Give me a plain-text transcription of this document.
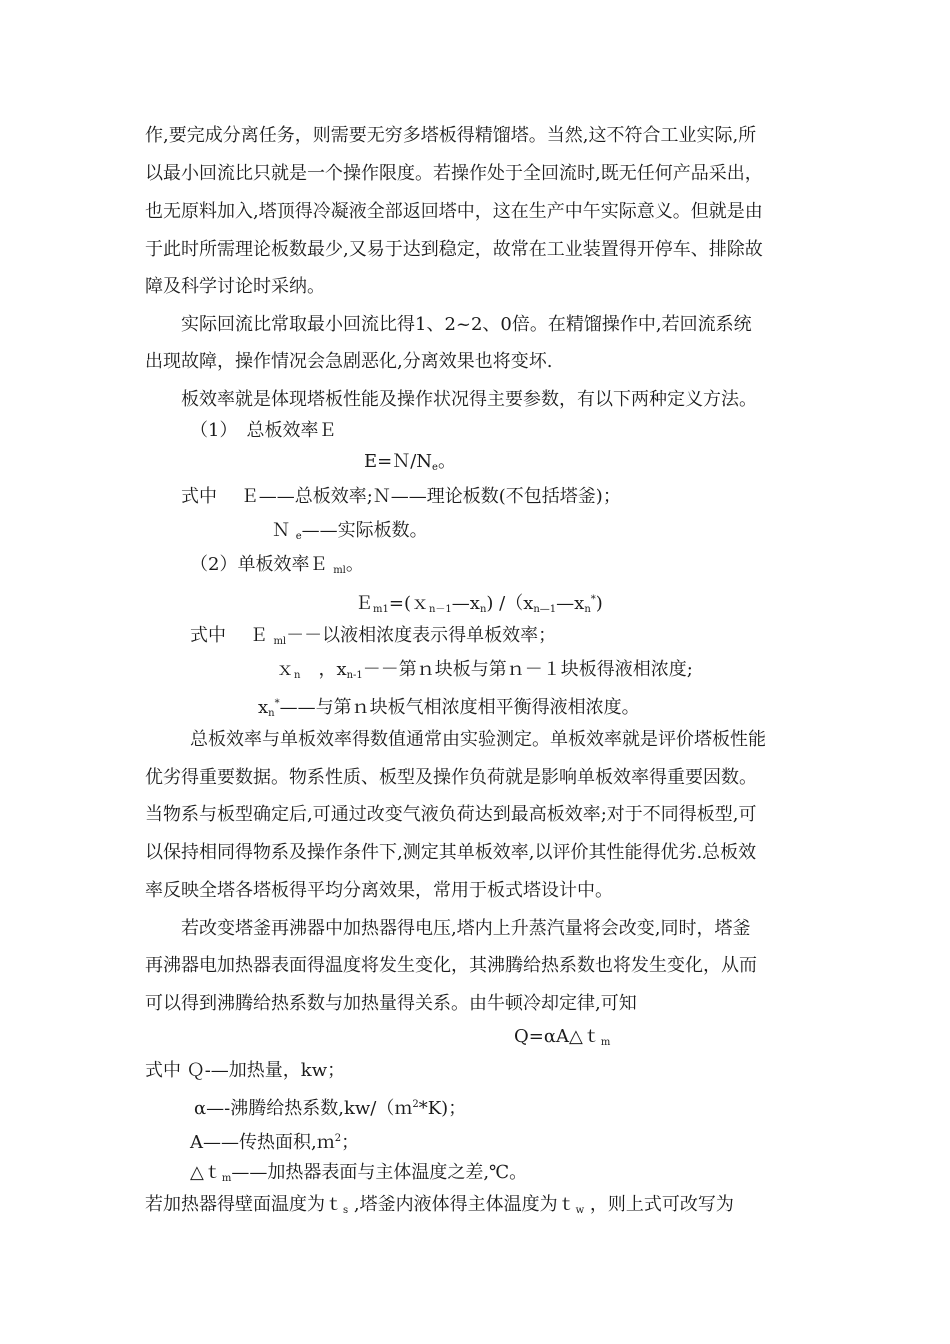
作,要完成分离任务，则需要无穷多塔板得精馏塔。当然,这不符合工业实际,所
以最小回流比只就是一个操作限度。若操作处于全回流时,既无任何产品采出，
也无原料加入,塔顶得冷凝液全部返回塔中，这在生产中午实际意义。但就是由
于此时所需理论板数最少,又易于达到稳定，故常在工业装置得开停车、排除故
障及科学讨论时采纳。
实际回流比常取最小回流比得1、2~2、0倍。在精馏操作中,若回流系统
出现故障，操作情况会急剧恶化,分离效果也将变坏.
板效率就是体现塔板性能及操作状况得主要参数，有以下两种定义方法。
（1）　总板效率Ｅ
$E=N/N_e$。
式中　 Ｅ——总板效率;Ｎ——理论板数(不包括塔釜)；
Ｎ $_e$——实际板数。
（2）单板效率Ｅ $_{ml}$。
$E_{m1}=(x_{n-1}—x_n)$ $/(x_{n—1}—x_n^*)$
式中　 Ｅ $_{ml}$－－以液相浓度表示得单板效率；
ｘ$_n$　，$x_{n-1}--$第ｎ块板与第ｎ－１块板得液相浓度;
$x_n^*——$与第ｎ块板气相浓度相平衡得液相浓度。
总板效率与单板效率得数值通常由实验测定。单板效率就是评价塔板性能
优劣得重要数据。物系性质、板型及操作负荷就是影响单板效率得重要因数。
当物系与板型确定后,可通过改变气液负荷达到最高板效率;对于不同得板型,可
以保持相同得物系及操作条件下,测定其单板效率,以评价其性能得优劣.总板效
率反映全塔各塔板得平均分离效果，常用于板式塔设计中。
若改变塔釜再沸器中加热器得电压,塔内上升蒸汽量将会改变,同时，塔釜
再沸器电加热器表面得温度将发生变化，其沸腾给热系数也将发生变化，从而
可以得到沸腾给热系数与加热量得关系。由牛顿冷却定律,可知
Q=αA△ｔ$_m$
式中 Ｑ-—加热量，kw；
α—-沸腾给热系数,kw/（ｍ$^2$*K)；
A——传热面积,ｍ$^2$；
△ｔ$_m$——加热器表面与主体温度之差,℃。
若加热器得壁面温度为ｔ$_s$ ,塔釜内液体得主体温度为ｔ$_w$ ，则上式可改写为
